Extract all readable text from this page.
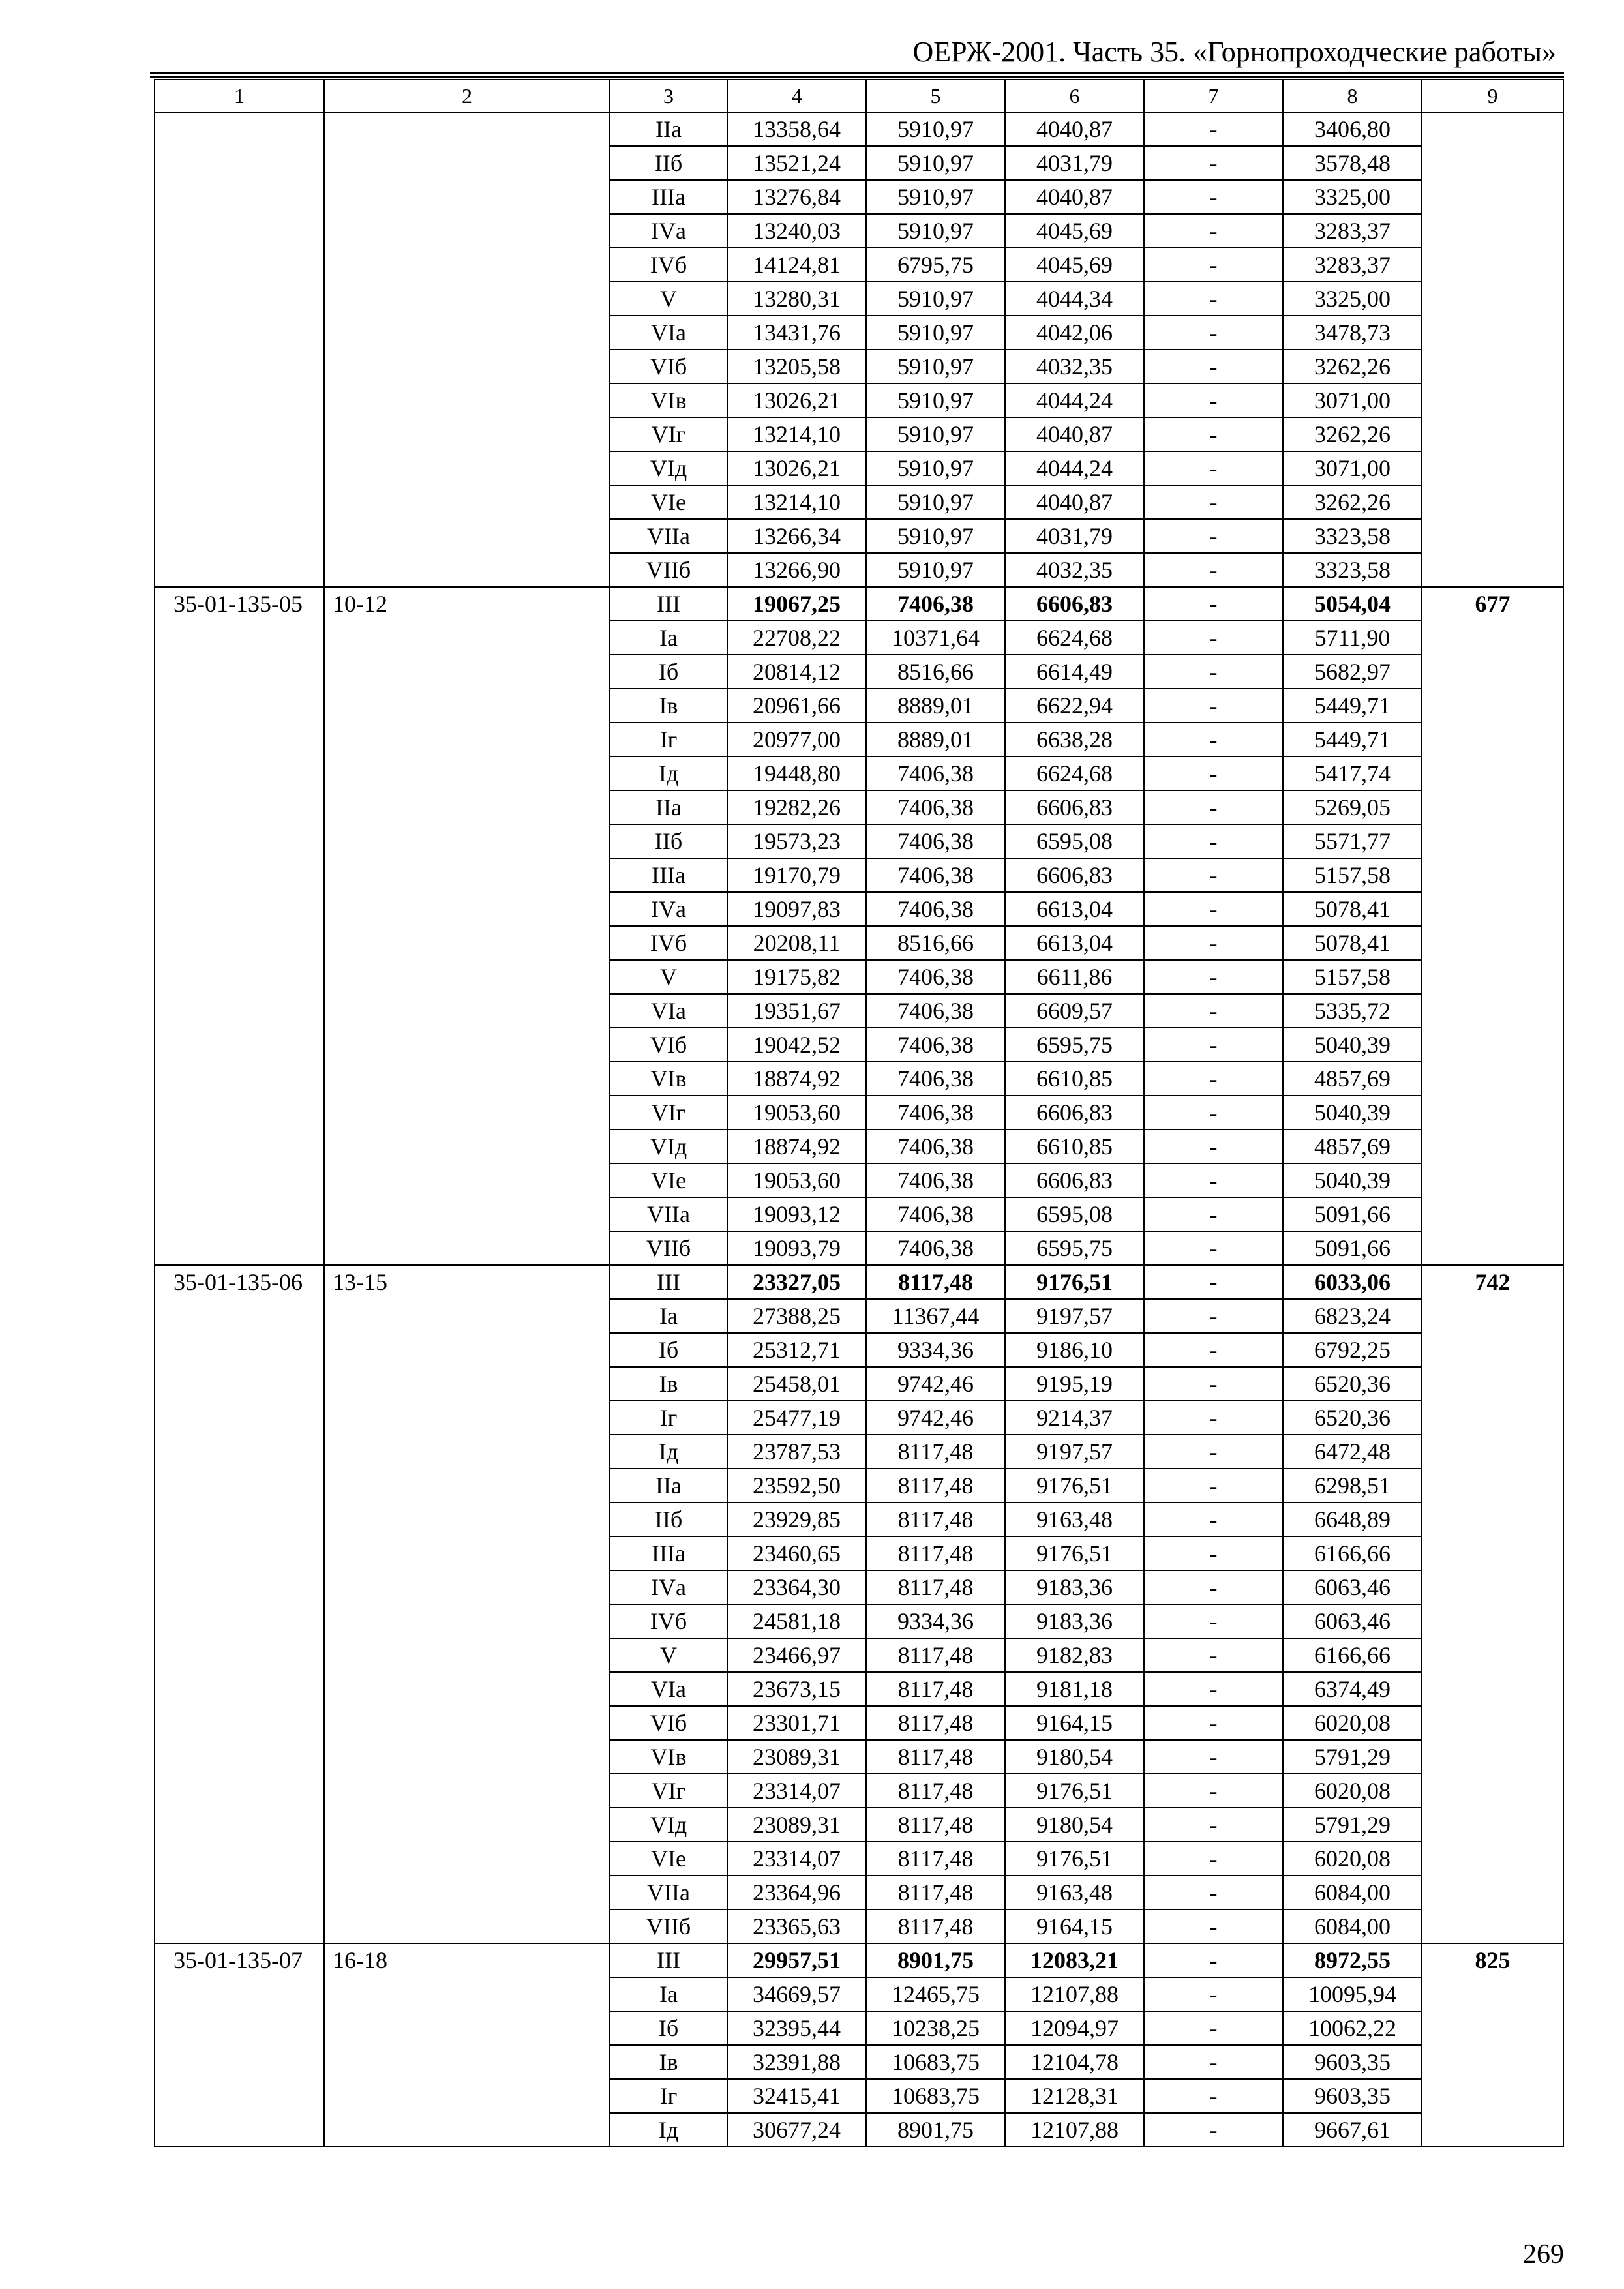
ОЕРЖ-2001. Часть 35. «Горнопроходческие работы»
1	2	3	4	5	6	7	8	9
		IIа	13358,64	5910,97	4040,87	-	3406,80	
		IIб	13521,24	5910,97	4031,79	-	3578,48	
		IIIа	13276,84	5910,97	4040,87	-	3325,00	
		IVа	13240,03	5910,97	4045,69	-	3283,37	
		IVб	14124,81	6795,75	4045,69	-	3283,37	
		V	13280,31	5910,97	4044,34	-	3325,00	
		VIа	13431,76	5910,97	4042,06	-	3478,73	
		VIб	13205,58	5910,97	4032,35	-	3262,26	
		VIв	13026,21	5910,97	4044,24	-	3071,00	
		VIг	13214,10	5910,97	4040,87	-	3262,26	
		VIд	13026,21	5910,97	4044,24	-	3071,00	
		VIе	13214,10	5910,97	4040,87	-	3262,26	
		VIIа	13266,34	5910,97	4031,79	-	3323,58	
		VIIб	13266,90	5910,97	4032,35	-	3323,58	
35-01-135-05	10-12	III	19067,25	7406,38	6606,83	-	5054,04	677
		Iа	22708,22	10371,64	6624,68	-	5711,90	
		Iб	20814,12	8516,66	6614,49	-	5682,97	
		Iв	20961,66	8889,01	6622,94	-	5449,71	
		Iг	20977,00	8889,01	6638,28	-	5449,71	
		Iд	19448,80	7406,38	6624,68	-	5417,74	
		IIа	19282,26	7406,38	6606,83	-	5269,05	
		IIб	19573,23	7406,38	6595,08	-	5571,77	
		IIIа	19170,79	7406,38	6606,83	-	5157,58	
		IVа	19097,83	7406,38	6613,04	-	5078,41	
		IVб	20208,11	8516,66	6613,04	-	5078,41	
		V	19175,82	7406,38	6611,86	-	5157,58	
		VIа	19351,67	7406,38	6609,57	-	5335,72	
		VIб	19042,52	7406,38	6595,75	-	5040,39	
		VIв	18874,92	7406,38	6610,85	-	4857,69	
		VIг	19053,60	7406,38	6606,83	-	5040,39	
		VIд	18874,92	7406,38	6610,85	-	4857,69	
		VIе	19053,60	7406,38	6606,83	-	5040,39	
		VIIа	19093,12	7406,38	6595,08	-	5091,66	
		VIIб	19093,79	7406,38	6595,75	-	5091,66	
35-01-135-06	13-15	III	23327,05	8117,48	9176,51	-	6033,06	742
		Iа	27388,25	11367,44	9197,57	-	6823,24	
		Iб	25312,71	9334,36	9186,10	-	6792,25	
		Iв	25458,01	9742,46	9195,19	-	6520,36	
		Iг	25477,19	9742,46	9214,37	-	6520,36	
		Iд	23787,53	8117,48	9197,57	-	6472,48	
		IIа	23592,50	8117,48	9176,51	-	6298,51	
		IIб	23929,85	8117,48	9163,48	-	6648,89	
		IIIа	23460,65	8117,48	9176,51	-	6166,66	
		IVа	23364,30	8117,48	9183,36	-	6063,46	
		IVб	24581,18	9334,36	9183,36	-	6063,46	
		V	23466,97	8117,48	9182,83	-	6166,66	
		VIа	23673,15	8117,48	9181,18	-	6374,49	
		VIб	23301,71	8117,48	9164,15	-	6020,08	
		VIв	23089,31	8117,48	9180,54	-	5791,29	
		VIг	23314,07	8117,48	9176,51	-	6020,08	
		VIд	23089,31	8117,48	9180,54	-	5791,29	
		VIе	23314,07	8117,48	9176,51	-	6020,08	
		VIIа	23364,96	8117,48	9163,48	-	6084,00	
		VIIб	23365,63	8117,48	9164,15	-	6084,00	
35-01-135-07	16-18	III	29957,51	8901,75	12083,21	-	8972,55	825
		Iа	34669,57	12465,75	12107,88	-	10095,94	
		Iб	32395,44	10238,25	12094,97	-	10062,22	
		Iв	32391,88	10683,75	12104,78	-	9603,35	
		Iг	32415,41	10683,75	12128,31	-	9603,35	
		Iд	30677,24	8901,75	12107,88	-	9667,61	
269
